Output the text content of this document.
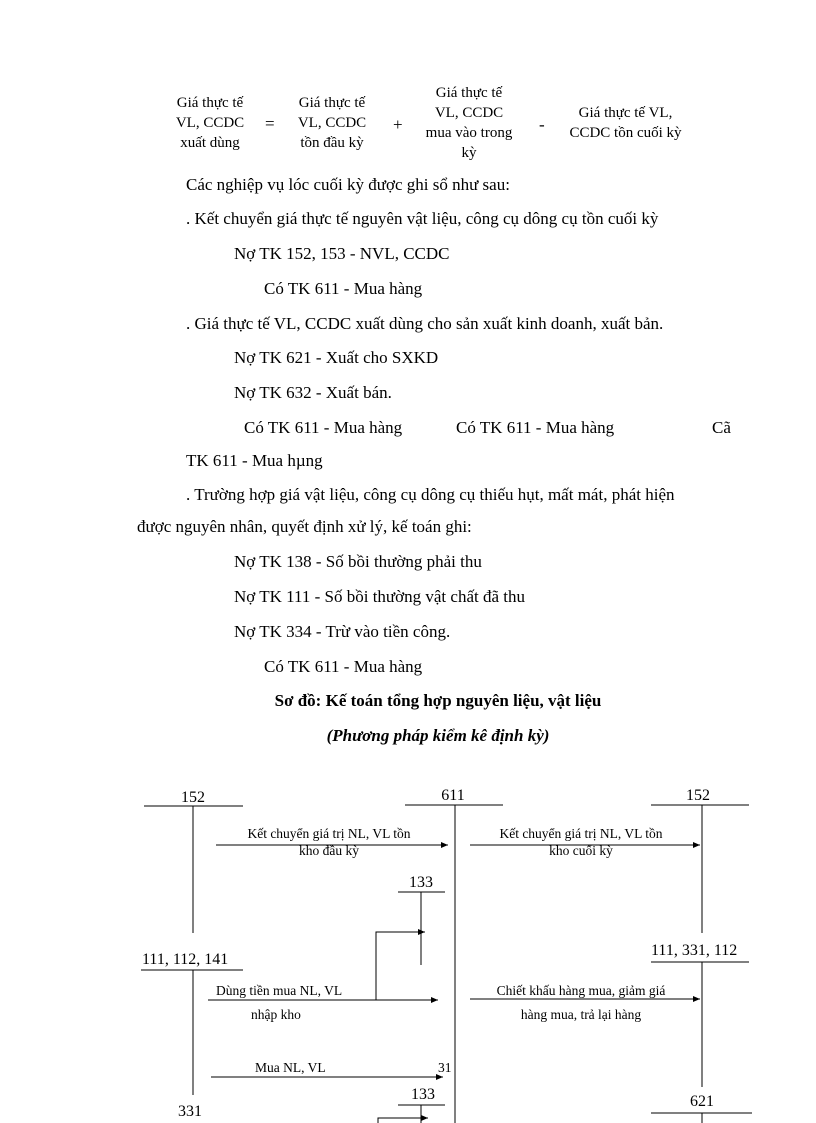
Giá thực tế
VL, CCDC
xuất dùng
=
Giá thực tế
VL, CCDC
tồn đầu kỳ
+
Giá thực tế
VL, CCDC
mua vào trong
kỳ
-
Giá thực tế VL,
CCDC tồn cuối kỳ
Các nghiệp vụ lóc cuối kỳ được ghi sổ như sau:
. Kết chuyển giá thực tế nguyên vật liệu, công cụ dông cụ tồn cuối kỳ
Nợ TK 152, 153 - NVL, CCDC
Có TK 611 - Mua hàng
. Giá thực tế VL, CCDC xuất dùng cho sản xuất kinh doanh, xuất bản.
Nợ TK 621 - Xuất cho SXKD
Nợ TK 632 - Xuất bán.
Có TK 611 - Mua hàng	Có TK 611 - Mua hàng	Cã
TK 611 - Mua hµng
. Trường hợp giá vật liệu, công cụ dông cụ thiếu hụt, mất mát, phát hiện
được nguyên nhân, quyết định xử lý, kế toán ghi:
Nợ TK 138 - Số bồi thường phải thu
Nợ TK 111 - Số bồi thường vật chất đã thu
Nợ TK 334 - Trừ vào tiền công.
Có TK 611 - Mua hàng
Sơ đồ: Kế toán tổng hợp nguyên liệu, vật liệu
(Phương pháp kiểm kê định kỳ)
152	611	152
Kết chuyển giá trị NL, VL tồn
kho đầu kỳ
Kết chuyển giá trị NL, VL tồn
kho cuối kỳ
133
111, 112, 141
111, 331, 112
Dùng tiền mua NL, VL
nhập kho
Chiết khấu hàng mua, giảm giá
hàng mua, trả lại hàng
Mua NL, VL	31
133
331
621
